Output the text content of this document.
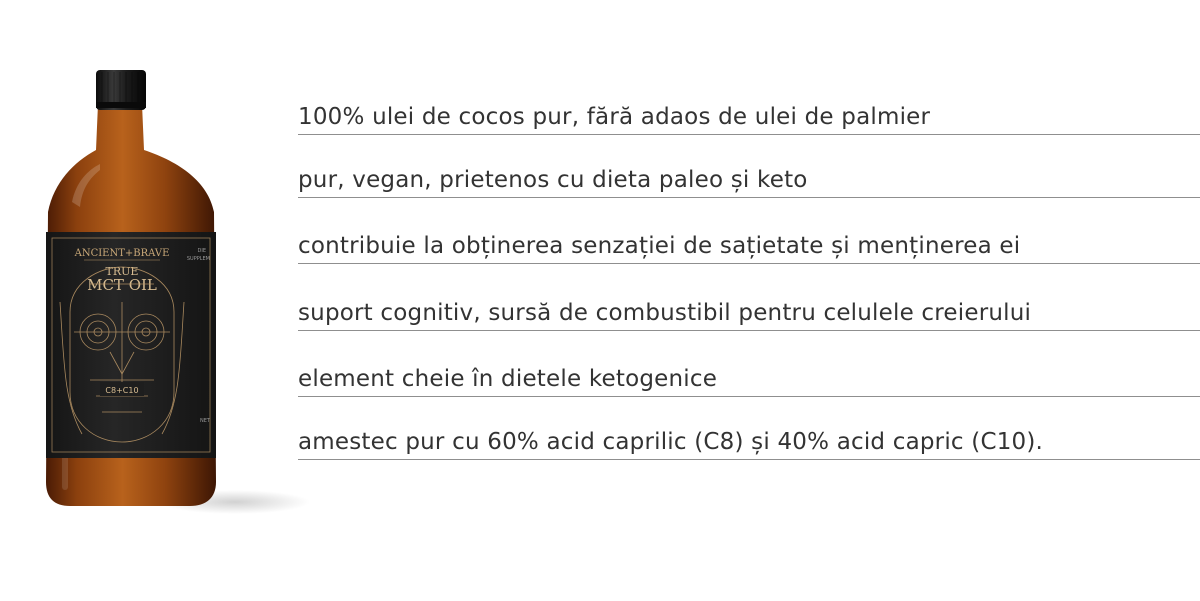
ANCIENT+BRAVE
TRUE
MCT OIL
DIE
SUPPLEM
NET
C8+C10
100% ulei de cocos pur, fără adaos de ulei de palmier
pur, vegan, prietenos cu dieta paleo și keto
contribuie la obținerea senzației de sațietate și menținerea ei
suport cognitiv, sursă de combustibil pentru celulele creierului
element cheie în dietele ketogenice
amestec pur cu 60% acid caprilic (C8) și 40% acid capric (C10).
